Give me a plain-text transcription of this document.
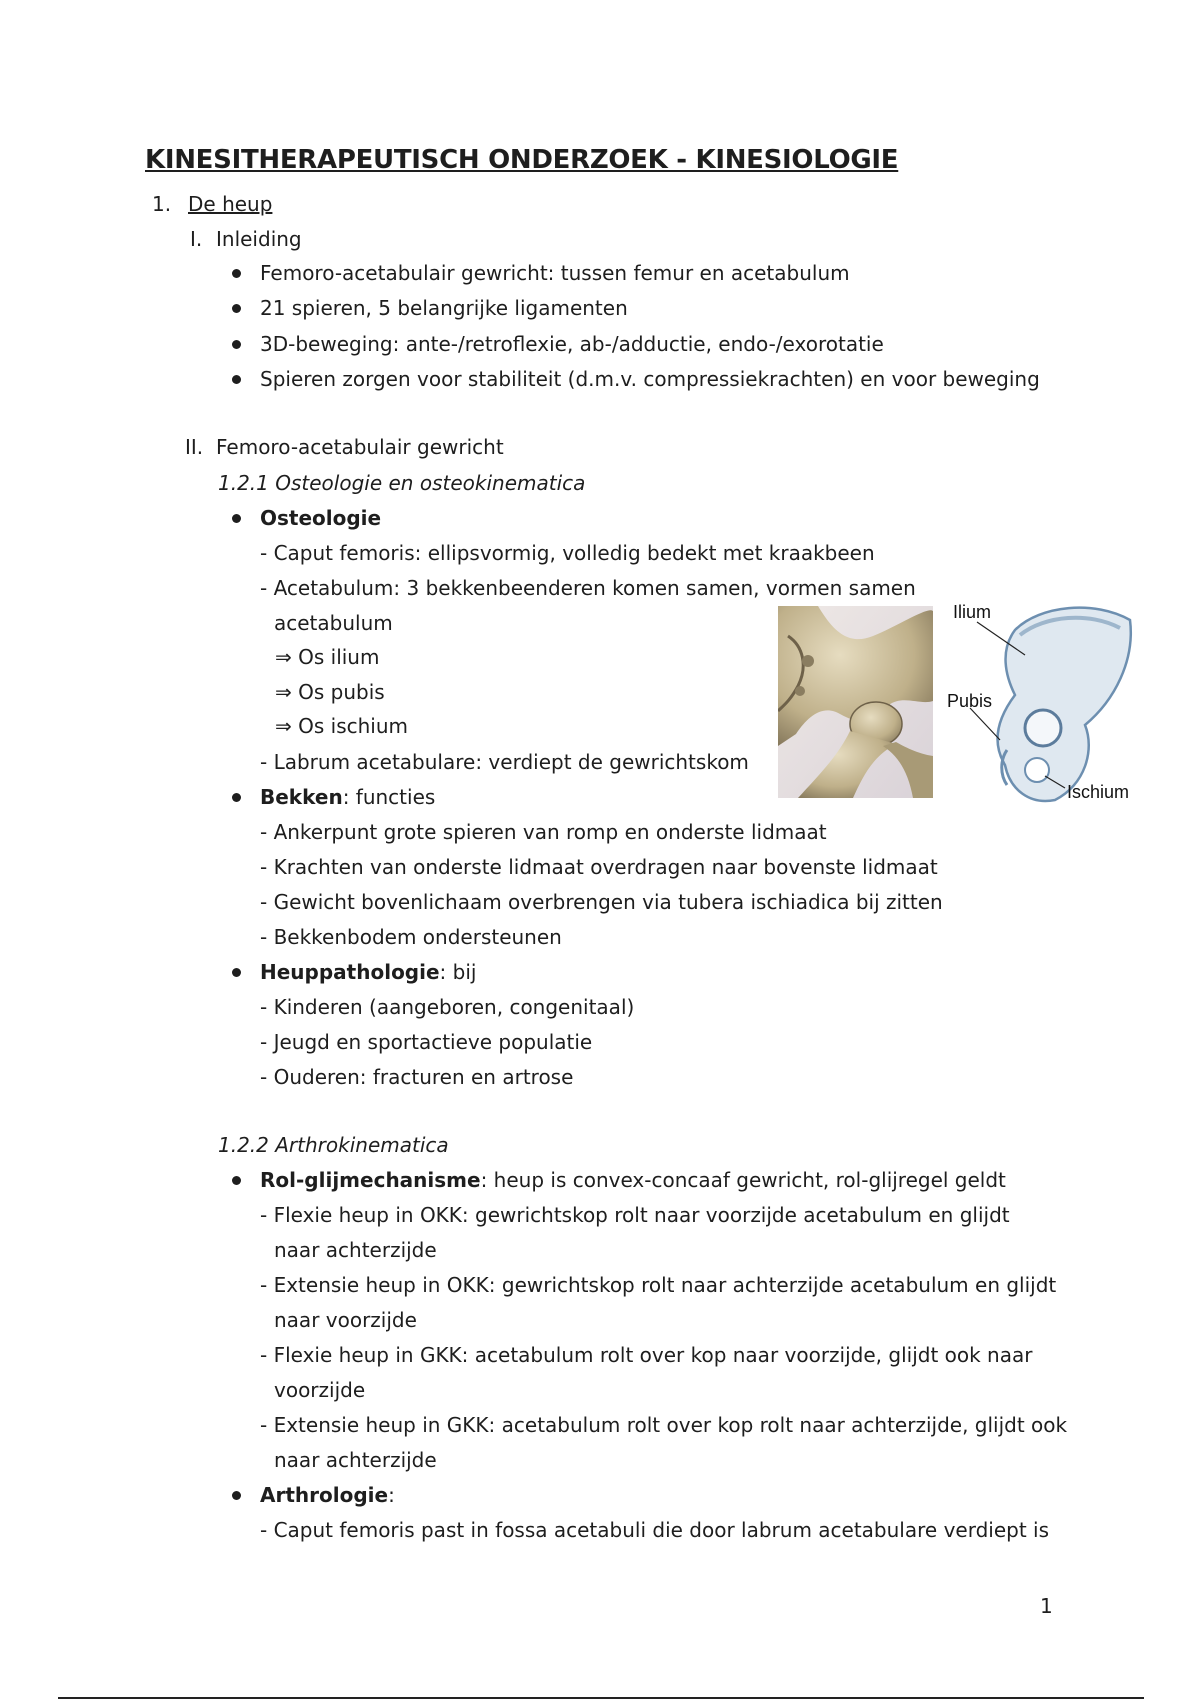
KINESITHERAPEUTISCH ONDERZOEK - KINESIOLOGIE
1. De heup
I. Inleiding
Femoro-acetabulair gewricht: tussen femur en acetabulum
21 spieren, 5 belangrijke ligamenten
3D-beweging: ante-/retroflexie, ab-/adductie, endo-/exorotatie
Spieren zorgen voor stabiliteit (d.m.v. compressiekrachten) en voor beweging
II. Femoro-acetabulair gewricht
1.2.1 Osteologie en osteokinematica
Osteologie
- Caput femoris: ellipsvormig, volledig bedekt met kraakbeen
- Acetabulum: 3 bekkenbeenderen komen samen, vormen samen
acetabulum
⇒ Os ilium
⇒ Os pubis
⇒ Os ischium
- Labrum acetabulare: verdiept de gewrichtskom
Bekken: functies
- Ankerpunt grote spieren van romp en onderste lidmaat
- Krachten van onderste lidmaat overdragen naar bovenste lidmaat
- Gewicht bovenlichaam overbrengen via tubera ischiadica bij zitten
- Bekkenbodem ondersteunen
Heuppathologie: bij
- Kinderen (aangeboren, congenitaal)
- Jeugd en sportactieve populatie
- Ouderen: fracturen en artrose
1.2.2 Arthrokinematica
Rol-glijmechanisme: heup is convex-concaaf gewricht, rol-glijregel geldt
- Flexie heup in OKK: gewrichtskop rolt naar voorzijde acetabulum en glijdt
naar achterzijde
- Extensie heup in OKK: gewrichtskop rolt naar achterzijde acetabulum en glijdt
naar voorzijde
- Flexie heup in GKK: acetabulum rolt over kop naar voorzijde, glijdt ook naar
voorzijde
- Extensie heup in GKK: acetabulum rolt over kop rolt naar achterzijde, glijdt ook
naar achterzijde
Arthrologie:
- Caput femoris past in fossa acetabuli die door labrum acetabulare verdiept is
Ilium
Pubis
Ischium
1
